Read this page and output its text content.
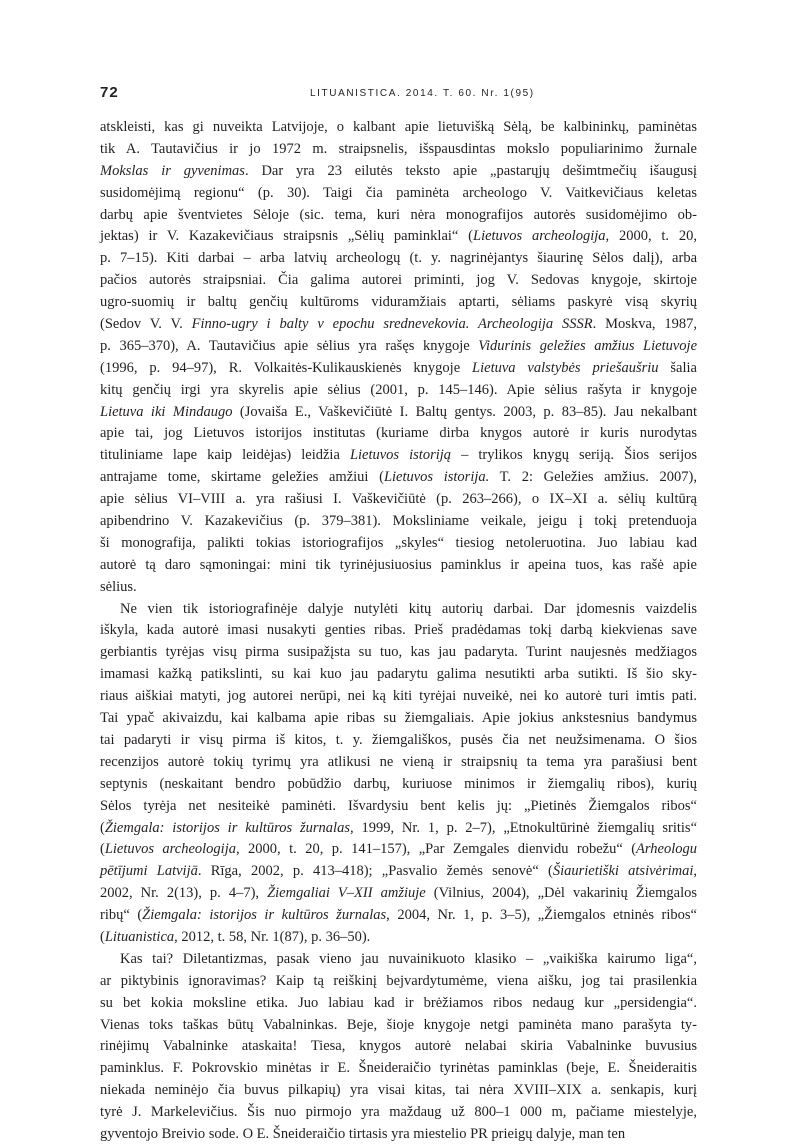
72	LITUANISTICA. 2014. T. 60. Nr. 1(95)
atskleisti, kas gi nuveikta Latvijoje, o kalbant apie lietuvišką Sėlą, be kalbininkų, paminėtas
tik A. Tautavičius ir jo 1972 m. straipsnelis, išspausdintas mokslo populiarinimo žurnale
Mokslas ir gyvenimas. Dar yra 23 eilutės teksto apie „pastarųjų dešimtmečių išaugusį
susidomėjimą regionu“ (p. 30). Taigi čia paminėta archeologo V. Vaitkevičiaus keletas
darbų apie šventvietes Sėloje (sic. tema, kuri nėra monografijos autorės susidomėjimo ob-
jektas) ir V. Kazakevičiaus straipsnis „Sėlių paminklai“ (Lietuvos archeologija, 2000, t. 20,
p. 7–15). Kiti darbai – arba latvių archeologų (t. y. nagrinėjantys šiaurinę Sėlos dalį), arba
pačios autorės straipsniai. Čia galima autorei priminti, jog V. Sedovas knygoje, skirtoje
ugro-suomių ir baltų genčių kultūroms viduramžiais aptarti, sėliams paskyrė visą skyrių
(Sedov V. V. Finno-ugry i balty v epochu srednevekovia. Archeologija SSSR. Moskva, 1987,
p. 365–370), A. Tautavičius apie sėlius yra rašęs knygoje Vidurinis geležies amžius Lietuvoje
(1996, p. 94–97), R. Volkaitės-Kulikauskienės knygoje Lietuva valstybės priešaušriu šalia
kitų genčių irgi yra skyrelis apie sėlius (2001, p. 145–146). Apie sėlius rašyta ir knygoje
Lietuva iki Mindaugo (Jovaiša E., Vaškevičiūtė I. Baltų gentys. 2003, p. 83–85). Jau nekalbant
apie tai, jog Lietuvos istorijos institutas (kuriame dirba knygos autorė ir kuris nurodytas
tituliniame lape kaip leidėjas) leidžia Lietuvos istoriją – trylikos knygų seriją. Šios serijos
antrajame tome, skirtame geležies amžiui (Lietuvos istorija. T. 2: Geležies amžius. 2007),
apie sėlius VI–VIII a. yra rašiusi I. Vaškevičiūtė (p. 263–266), o IX–XI a. sėlių kultūrą
apibendrino V. Kazakevičius (p. 379–381). Moksliniame veikale, jeigu į tokį pretenduoja
ši monografija, palikti tokias istoriografijos „skyles“ tiesiog netoleruotina. Juo labiau kad
autorė tą daro sąmoningai: mini tik tyrinėjusiuosius paminklus ir apeina tuos, kas rašė apie
sėlius.
Ne vien tik istoriografinėje dalyje nutylėti kitų autorių darbai. Dar įdomesnis vaizdelis
iškyla, kada autorė imasi nusakyti genties ribas. Prieš pradėdamas tokį darbą kiekvienas save
gerbiantis tyrėjas visų pirma susipažįsta su tuo, kas jau padaryta. Turint naujesnės medžiagos
imamasi kažką patikslinti, su kai kuo jau padarytu galima nesutikti arba sutikti. Iš šio sky-
riaus aiškiai matyti, jog autorei nerūpi, nei ką kiti tyrėjai nuveikė, nei ko autorė turi imtis pati.
Tai ypač akivaizdu, kai kalbama apie ribas su žiemgaliais. Apie jokius ankstesnius bandymus
tai padaryti ir visų pirma iš kitos, t. y. žiemgališkos, pusės čia net neužsimenama. O šios
recenzijos autorė tokių tyrimų yra atlikusi ne vieną ir straipsnių ta tema yra parašiusi bent
septynis (neskaitant bendro pobūdžio darbų, kuriuose minimos ir žiemgalių ribos), kurių
Sėlos tyrėja net nesiteikė paminėti. Išvardysiu bent kelis jų: „Pietinės Žiemgalos ribos“
(Žiemgala: istorijos ir kultūros žurnalas, 1999, Nr. 1, p. 2–7), „Etnokultūrinė žiemgalių sritis“
(Lietuvos archeologija, 2000, t. 20, p. 141–157), „Par Zemgales dienvidu robežu“ (Arheologu
pētījumi Latvijā. Rīga, 2002, p. 413–418); „Pasvalio žemės senovė“ (Šiaurietiški atsivėrimai,
2002, Nr. 2(13), p. 4–7), Žiemgaliai V–XII amžiuje (Vilnius, 2004), „Dėl vakarinių Žiemgalos
ribų“ (Žiemgala: istorijos ir kultūros žurnalas, 2004, Nr. 1, p. 3–5), „Žiemgalos etninės ribos“
(Lituanistica, 2012, t. 58, Nr. 1(87), p. 36–50).
Kas tai? Diletantizmas, pasak vieno jau nuvainikuoto klasiko – „vaikiška kairumo liga“,
ar piktybinis ignoravimas? Kaip tą reiškinį bejvardytumėme, viena aišku, jog tai prasilenkia
su bet kokia moksline etika. Juo labiau kad ir brėžiamos ribos nedaug kur „persidengia“.
Vienas toks taškas būtų Vabalninkas. Beje, šioje knygoje netgi paminėta mano parašyta ty-
rinėjimų Vabalninke ataskaita! Tiesa, knygos autorė nelabai skiria Vabalninke buvusius
paminklus. F. Pokrovskio minėtas ir E. Šneideraičio tyrinėtas paminklas (beje, E. Šneideraitis
niekada neminėjo čia buvus pilkapių) yra visai kitas, tai nėra XVIII–XIX a. senkapis, kurį
tyrė J. Markelevičius. Šis nuo pirmojo yra maždaug už 800–1 000 m, pačiame miestelyje,
gyventojo Breivio sode. O E. Šneideraičio tirtasis yra miestelio PR prieigų dalyje, man ten
